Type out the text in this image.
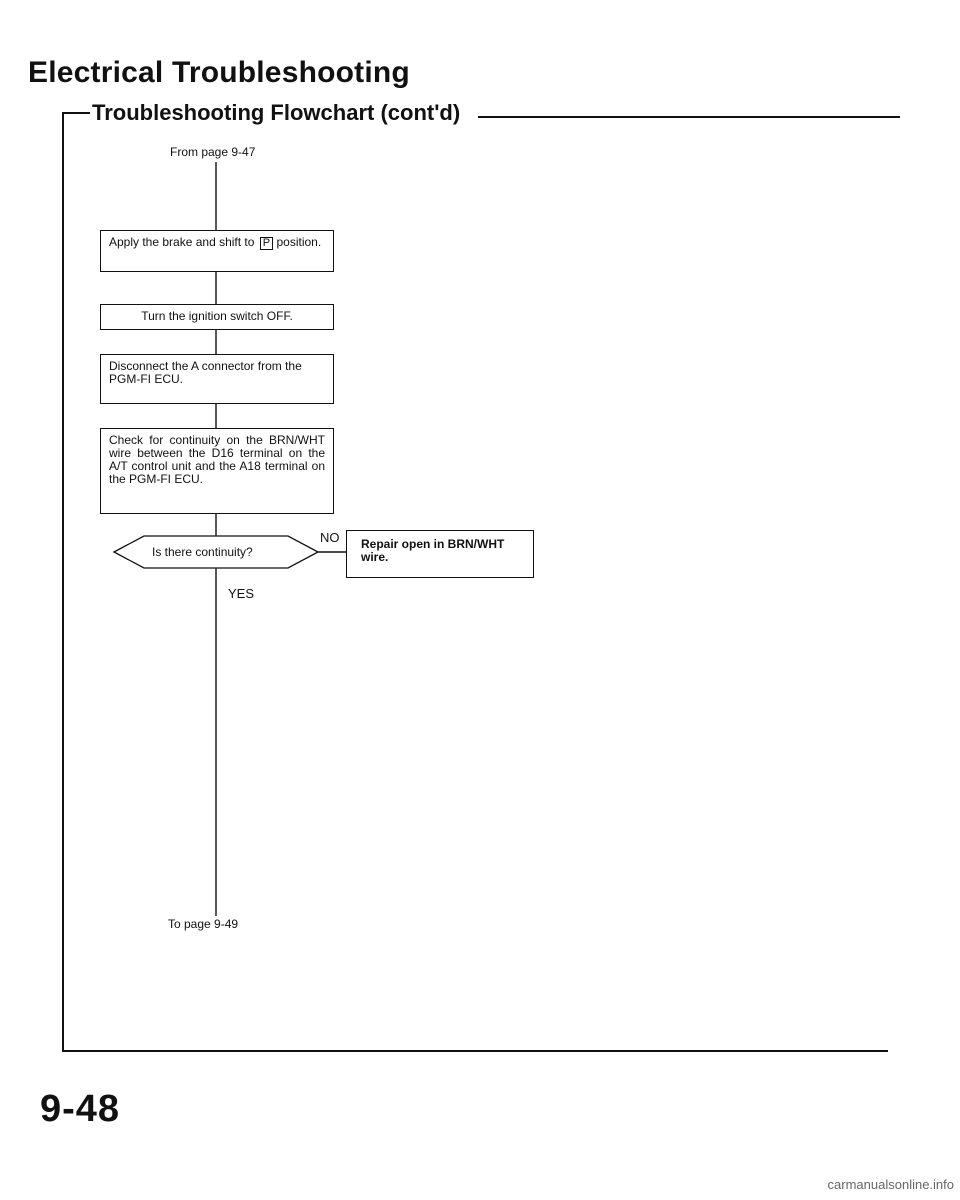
Electrical Troubleshooting
Troubleshooting Flowchart (cont'd)
From page 9-47
Apply the brake and shift to P position.
Turn the ignition switch OFF.
Disconnect the A connector from the PGM-FI ECU.
Check for continuity on the BRN/WHT wire between the D16 terminal on the A/T control unit and the A18 terminal on the PGM-FI ECU.
Is there continuity?
NO	Repair open in BRN/WHT wire.
YES
To page 9-49
9-48
carmanualsonline.info
